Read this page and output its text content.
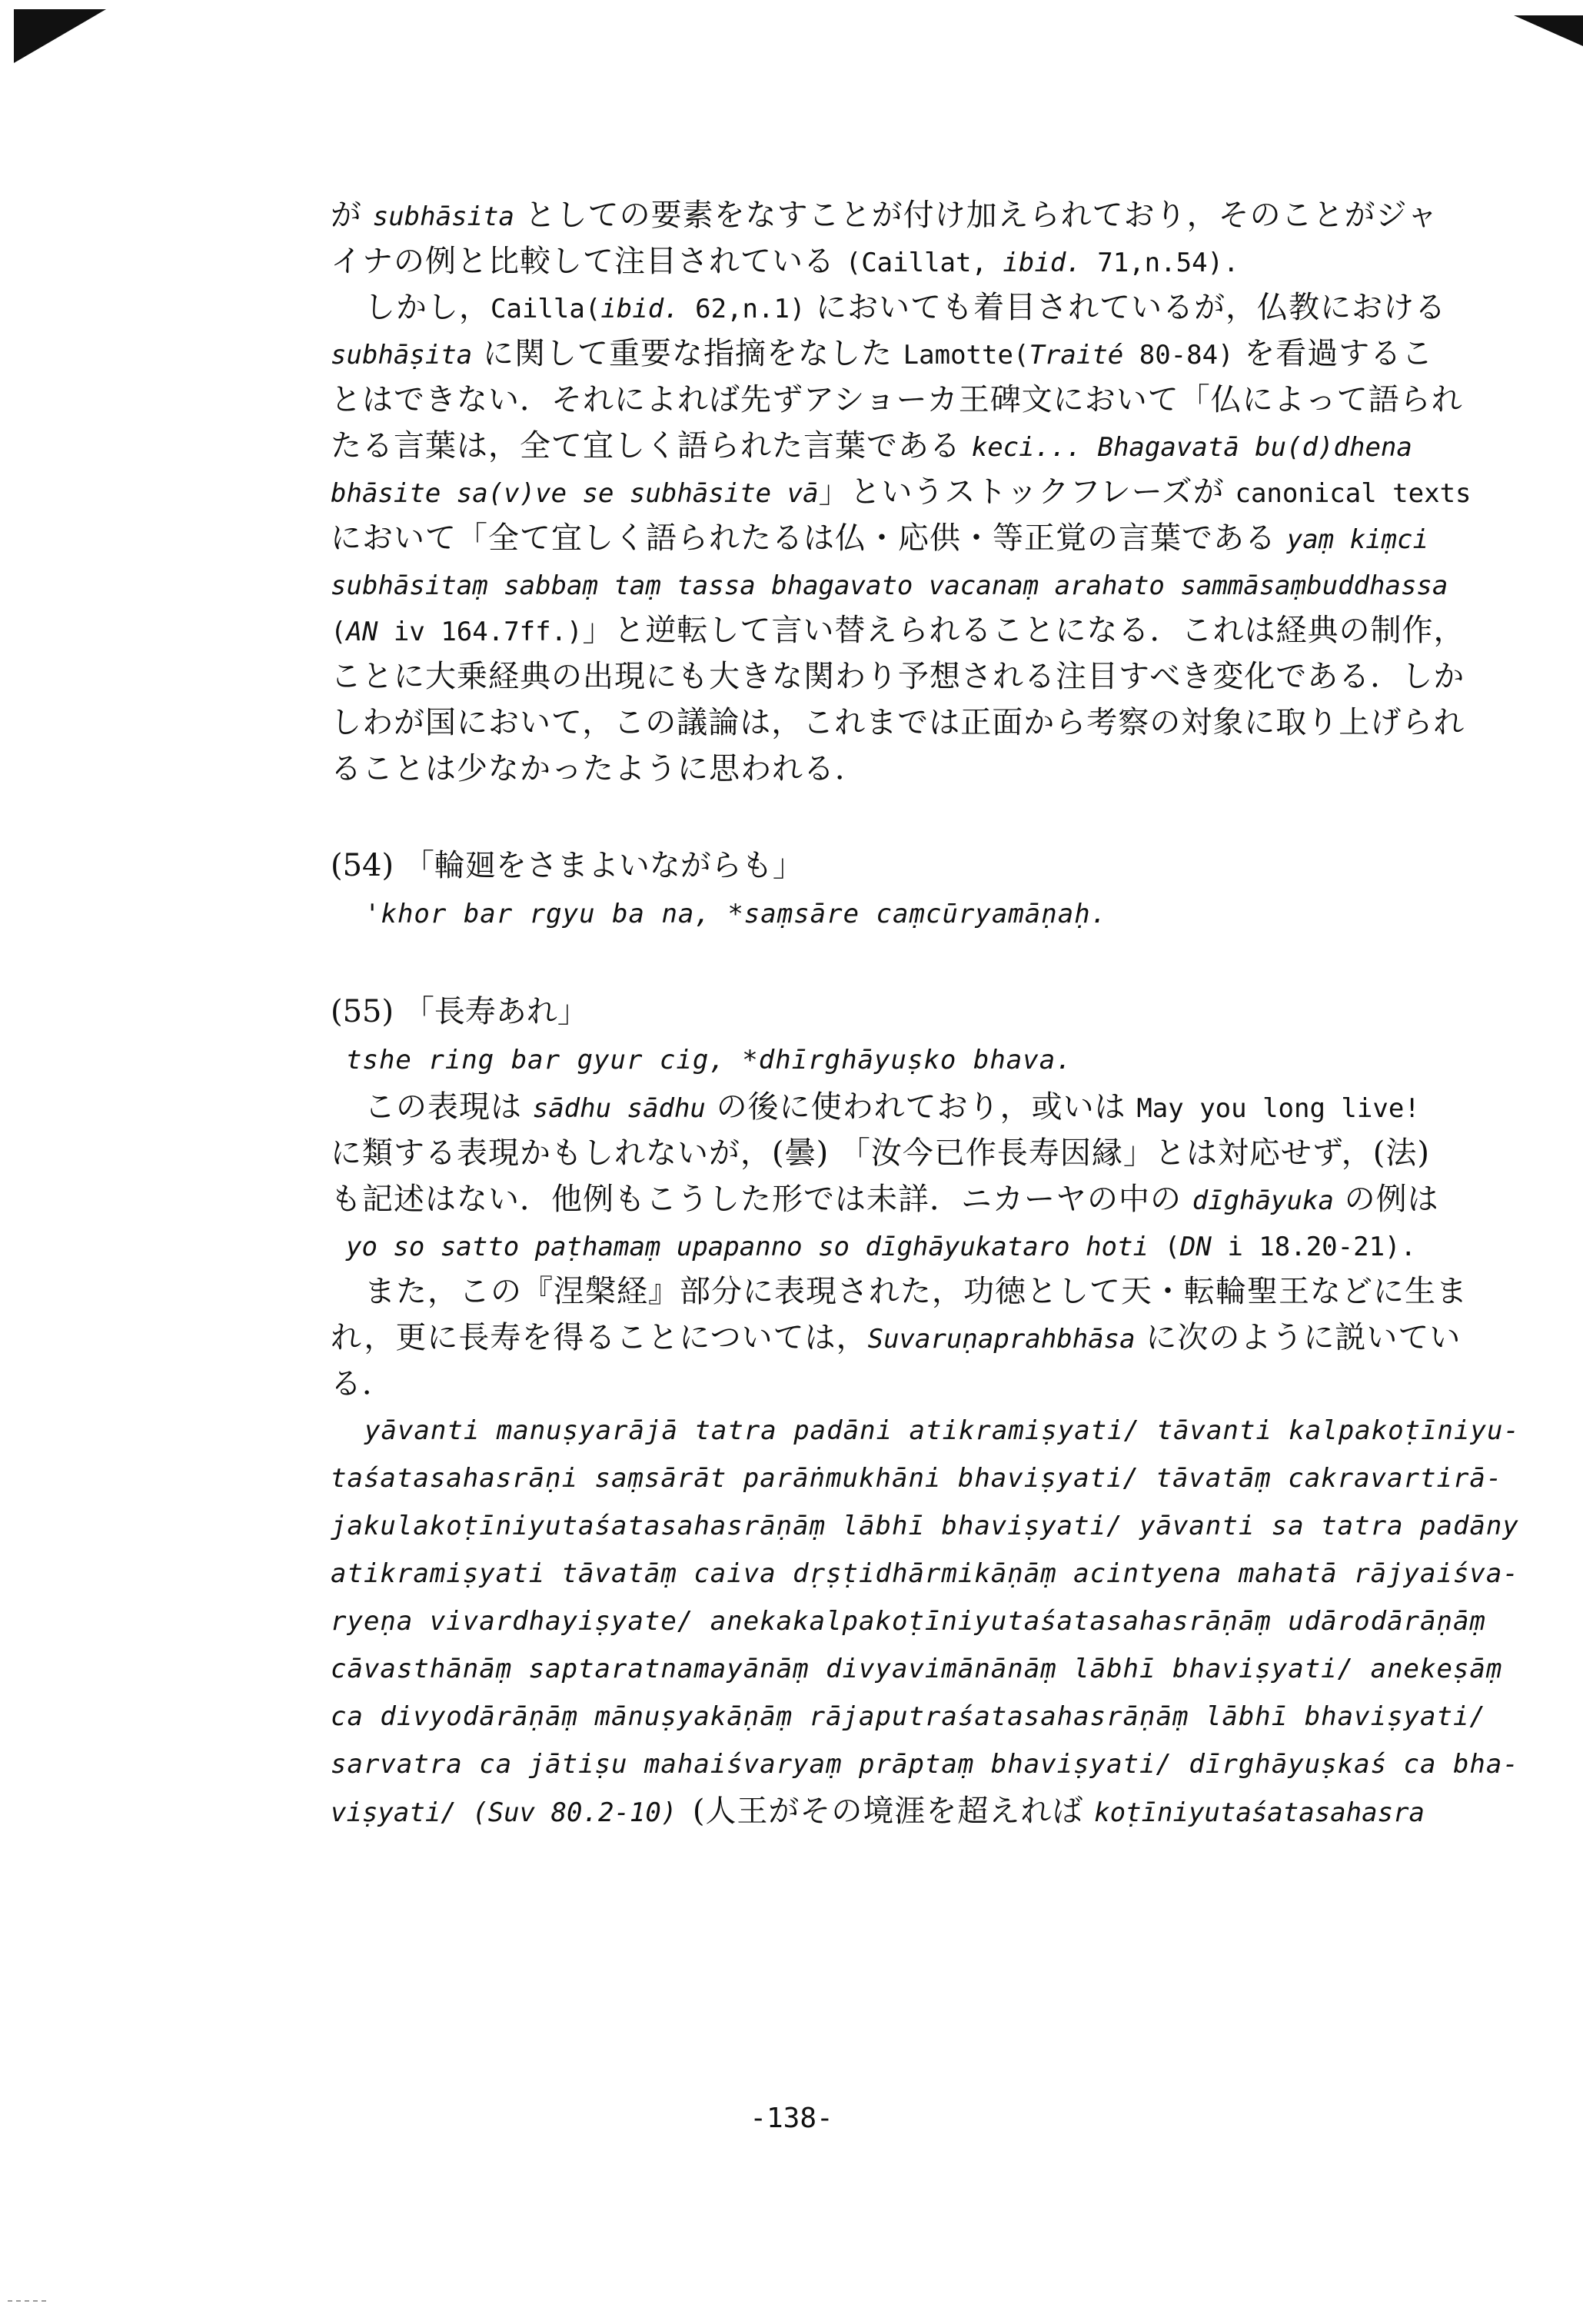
が subhāsita としての要素をなすことが付け加えられており，そのことがジャ
イナの例と比較して注目されている (Caillat, ibid. 71,n.54).
しかし，Cailla(ibid. 62,n.1) においても着目されているが，仏教における
subhāṣita に関して重要な指摘をなした Lamotte(Traité 80-84) を看過するこ
とはできない．それによれば先ずアショーカ王碑文において「仏によって語られ
たる言葉は，全て宜しく語られた言葉である keci... Bhagavatā bu(d)dhena
bhāsite sa(v)ve se subhāsite vā」というストックフレーズが canonical texts
において「全て宜しく語られたるは仏・応供・等正覚の言葉である yaṃ kiṃci
subhāsitaṃ sabbaṃ taṃ tassa bhagavato vacanaṃ arahato sammāsaṃbuddhassa
(AN iv 164.7ff.)」と逆転して言い替えられることになる．これは経典の制作，
ことに大乗経典の出現にも大きな関わり予想される注目すべき変化である．しか
しわが国において，この議論は，これまでは正面から考察の対象に取り上げられ
ることは少なかったように思われる．
(54) 「輪廻をさまよいながらも」
'khor bar rgyu ba na, *saṃsāre caṃcūryamāṇaḥ.
(55) 「長寿あれ」
tshe ring bar gyur cig, *dhīrghāyuṣko bhava.
この表現は sādhu sādhu の後に使われており，或いは May you long live!
に類する表現かもしれないが，(曇) 「汝今已作長寿因縁」とは対応せず，(法)
も記述はない．他例もこうした形では未詳．ニカーヤの中の dīghāyuka の例は
yo so satto paṭhamaṃ upapanno so dīghāyukataro hoti (DN i 18.20-21).
また，この『涅槃経』部分に表現された，功徳として天・転輪聖王などに生ま
れ，更に長寿を得ることについては，Suvaruṇaprahbhāsa に次のように説いてい
る．
yāvanti manuṣyarājā tatra padāni atikramiṣyati/ tāvanti kalpakoṭīniyu-
taśatasahasrāṇi saṃsārāt parāṅmukhāni bhaviṣyati/ tāvatāṃ cakravartirā-
jakulakoṭīniyutaśatasahasrāṇāṃ lābhī bhaviṣyati/ yāvanti sa tatra padāny
atikramiṣyati tāvatāṃ caiva dṛṣṭidhārmikāṇāṃ acintyena mahatā rājyaiśva-
ryeṇa vivardhayiṣyate/ anekakalpakoṭīniyutaśatasahasrāṇāṃ udārodārāṇāṃ
cāvasthānāṃ saptaratnamayānāṃ divyavimānānāṃ lābhī bhaviṣyati/ anekeṣāṃ
ca divyodārāṇāṃ mānuṣyakāṇāṃ rājaputraśatasahasrāṇāṃ lābhī bhaviṣyati/
sarvatra ca jātiṣu mahaiśvaryaṃ prāptaṃ bhaviṣyati/ dīrghāyuṣkaś ca bha-
viṣyati/ (Suv 80.2-10) (人王がその境涯を超えれば koṭīniyutaśatasahasra
-138-
